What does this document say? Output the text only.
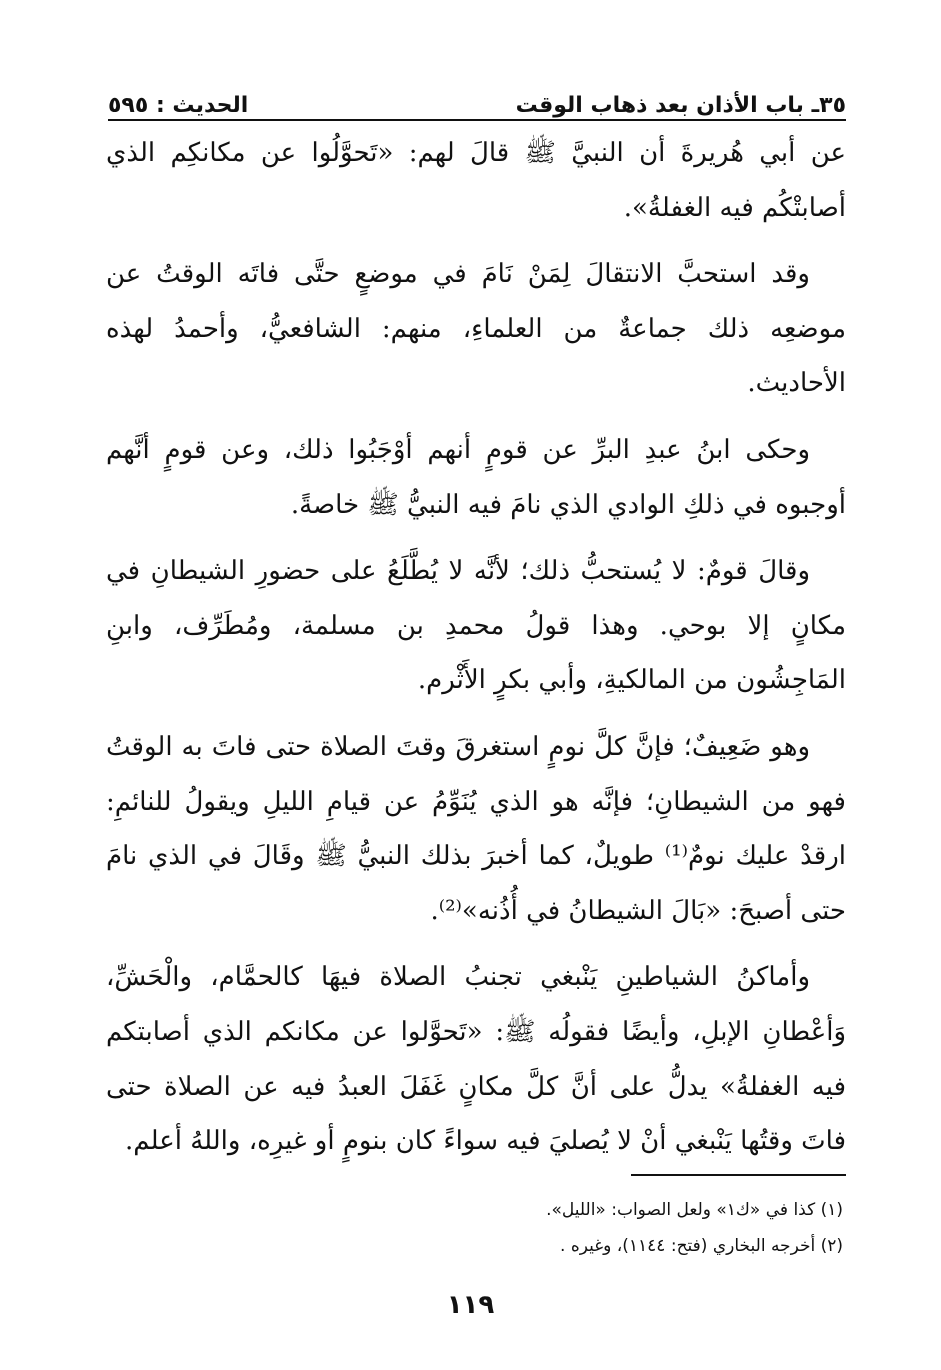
٣٥ـ باب الأذان بعد ذهاب الوقت
الحديث : ٥٩٥

عن أبي هُريرةَ أن النبيَّ ﷺ قالَ لهم: «تَحوَّلُوا عن مكانكِم الذي أصابتْكُم فيه الغفلةُ».

وقد استحبَّ الانتقالَ لِمَنْ نَامَ في موضعٍ حتَّى فاتَه الوقتُ عن موضعِه ذلك جماعةٌ من العلماءِ، منهم: الشافعيُّ، وأحمدُ لهذه الأحاديث.

وحكى ابنُ عبدِ البرِّ عن قومٍ أنهم أوْجَبُوا ذلك، وعن قومٍ أنَّهم أوجبوه في ذلكِ الوادي الذي نامَ فيه النبيُّ ﷺ خاصةً.

وقالَ قومٌ: لا يُستحبُّ ذلك؛ لأنَّه لا يُطَّلَعُ على حضورِ الشيطانِ في مكانٍ إلا بوحي. وهذا قولُ محمدِ بن مسلمة، ومُطَرِّف، وابنِ المَاجِشُون من المالكيةِ، وأبي بكرٍ الأَثْرم.

وهو ضَعِيفٌ؛ فإنَّ كلَّ نومٍ استغرقَ وقتَ الصلاة حتى فاتَ به الوقتُ فهو من الشيطانِ؛ فإنَّه هو الذي يُنَوِّمُ عن قيامِ الليلِ ويقولُ للنائمِ: ارقدْ عليك نومٌ⁽¹⁾ طويلٌ، كما أخبرَ بذلك النبيُّ ﷺ وقَالَ في الذي نامَ حتى أصبحَ: «بَالَ الشيطانُ في أُذُنه»⁽²⁾.

وأماكنُ الشياطينِ يَنْبغي تجنبُ الصلاة فيهَا كالحمَّام، والْحَشِّ، وَأعْطانِ الإبلِ، وأيضًا فقولُه ﷺ: «تَحوَّلوا عن مكانكم الذي أصابتكم فيه الغفلةُ» يدلُّ على أنَّ كلَّ مكانٍ غَفَلَ العبدُ فيه عن الصلاة حتى فاتَ وقتُها يَنْبغي أنْ لا يُصليَ فيه سواءً كان بنومٍ أو غيرِه، واللهُ أعلم.

(١) كذا في «ك١» ولعل الصواب: «الليل».

(٢) أخرجه البخاري (فتح: ١١٤٤)، وغيره .

١١٩
